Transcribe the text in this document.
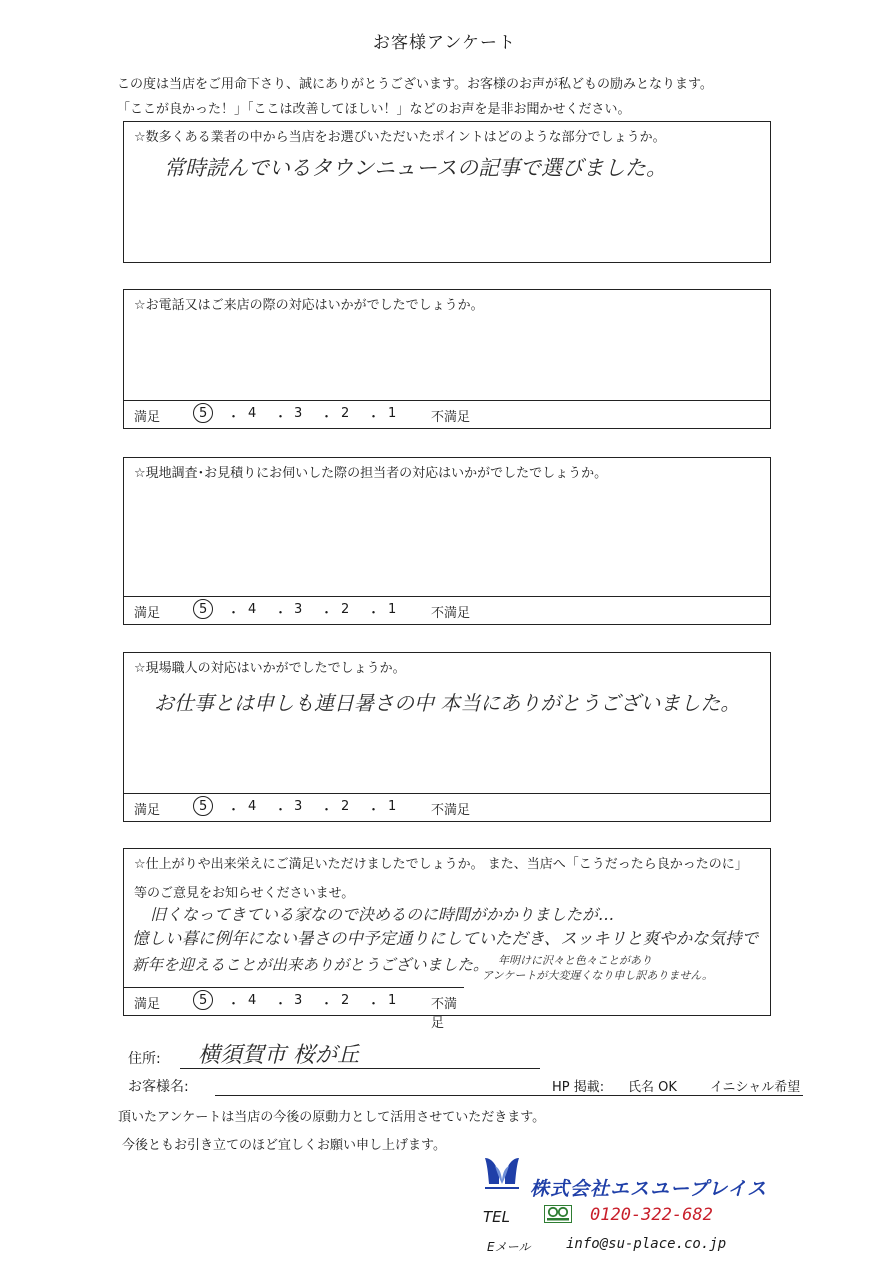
お客様アンケート
この度は当店をご用命下さり、誠にありがとうございます。お客様のお声が私どもの励みとなります。
「ここが良かった！」「ここは改善してほしい！」などのお声を是非お聞かせください。
☆数多くある業者の中から当店をお選びいただいたポイントはどのような部分でしょうか。
常時読んでいるタウンニュースの記事で選びました。
☆お電話又はご来店の際の対応はいかがでしたでしょうか。
満足	5 ・ 4 ・ 3 ・ 2 ・ 1	不満足
☆現地調査･お見積りにお伺いした際の担当者の対応はいかがでしたでしょうか。
満足	5 ・ 4 ・ 3 ・ 2 ・ 1	不満足
☆現場職人の対応はいかがでしたでしょうか。
お仕事とは申しも連日暑さの中 本当にありがとうございました。
満足	5 ・ 4 ・ 3 ・ 2 ・ 1	不満足
☆仕上がりや出来栄えにご満足いただけましたでしょうか。 また、当店へ「こうだったら良かったのに」
等のご意見をお知らせくださいませ。
旧くなってきている家なので決めるのに時間がかかりましたが…
憶しい暮に例年にない暑さの中予定通りにしていただき、スッキリと爽やかな気持で
新年を迎えることが出来ありがとうございました。 年明けに沢々と色々ことがあり
アンケートが大変遅くなり申し訳ありません。
満足	5 ・ 4 ・ 3 ・ 2 ・ 1	不満足
住所: 横須賀市 桜が丘
お客様名:	HP 掲載: 氏名 OK	イニシャル希望
頂いたアンケートは当店の今後の原動力として活用させていただきます。
今後ともお引き立てのほど宜しくお願い申し上げます。
株式会社エスユープレイス
TEL	0120-322-682
Eメール	info@su-place.co.jp
